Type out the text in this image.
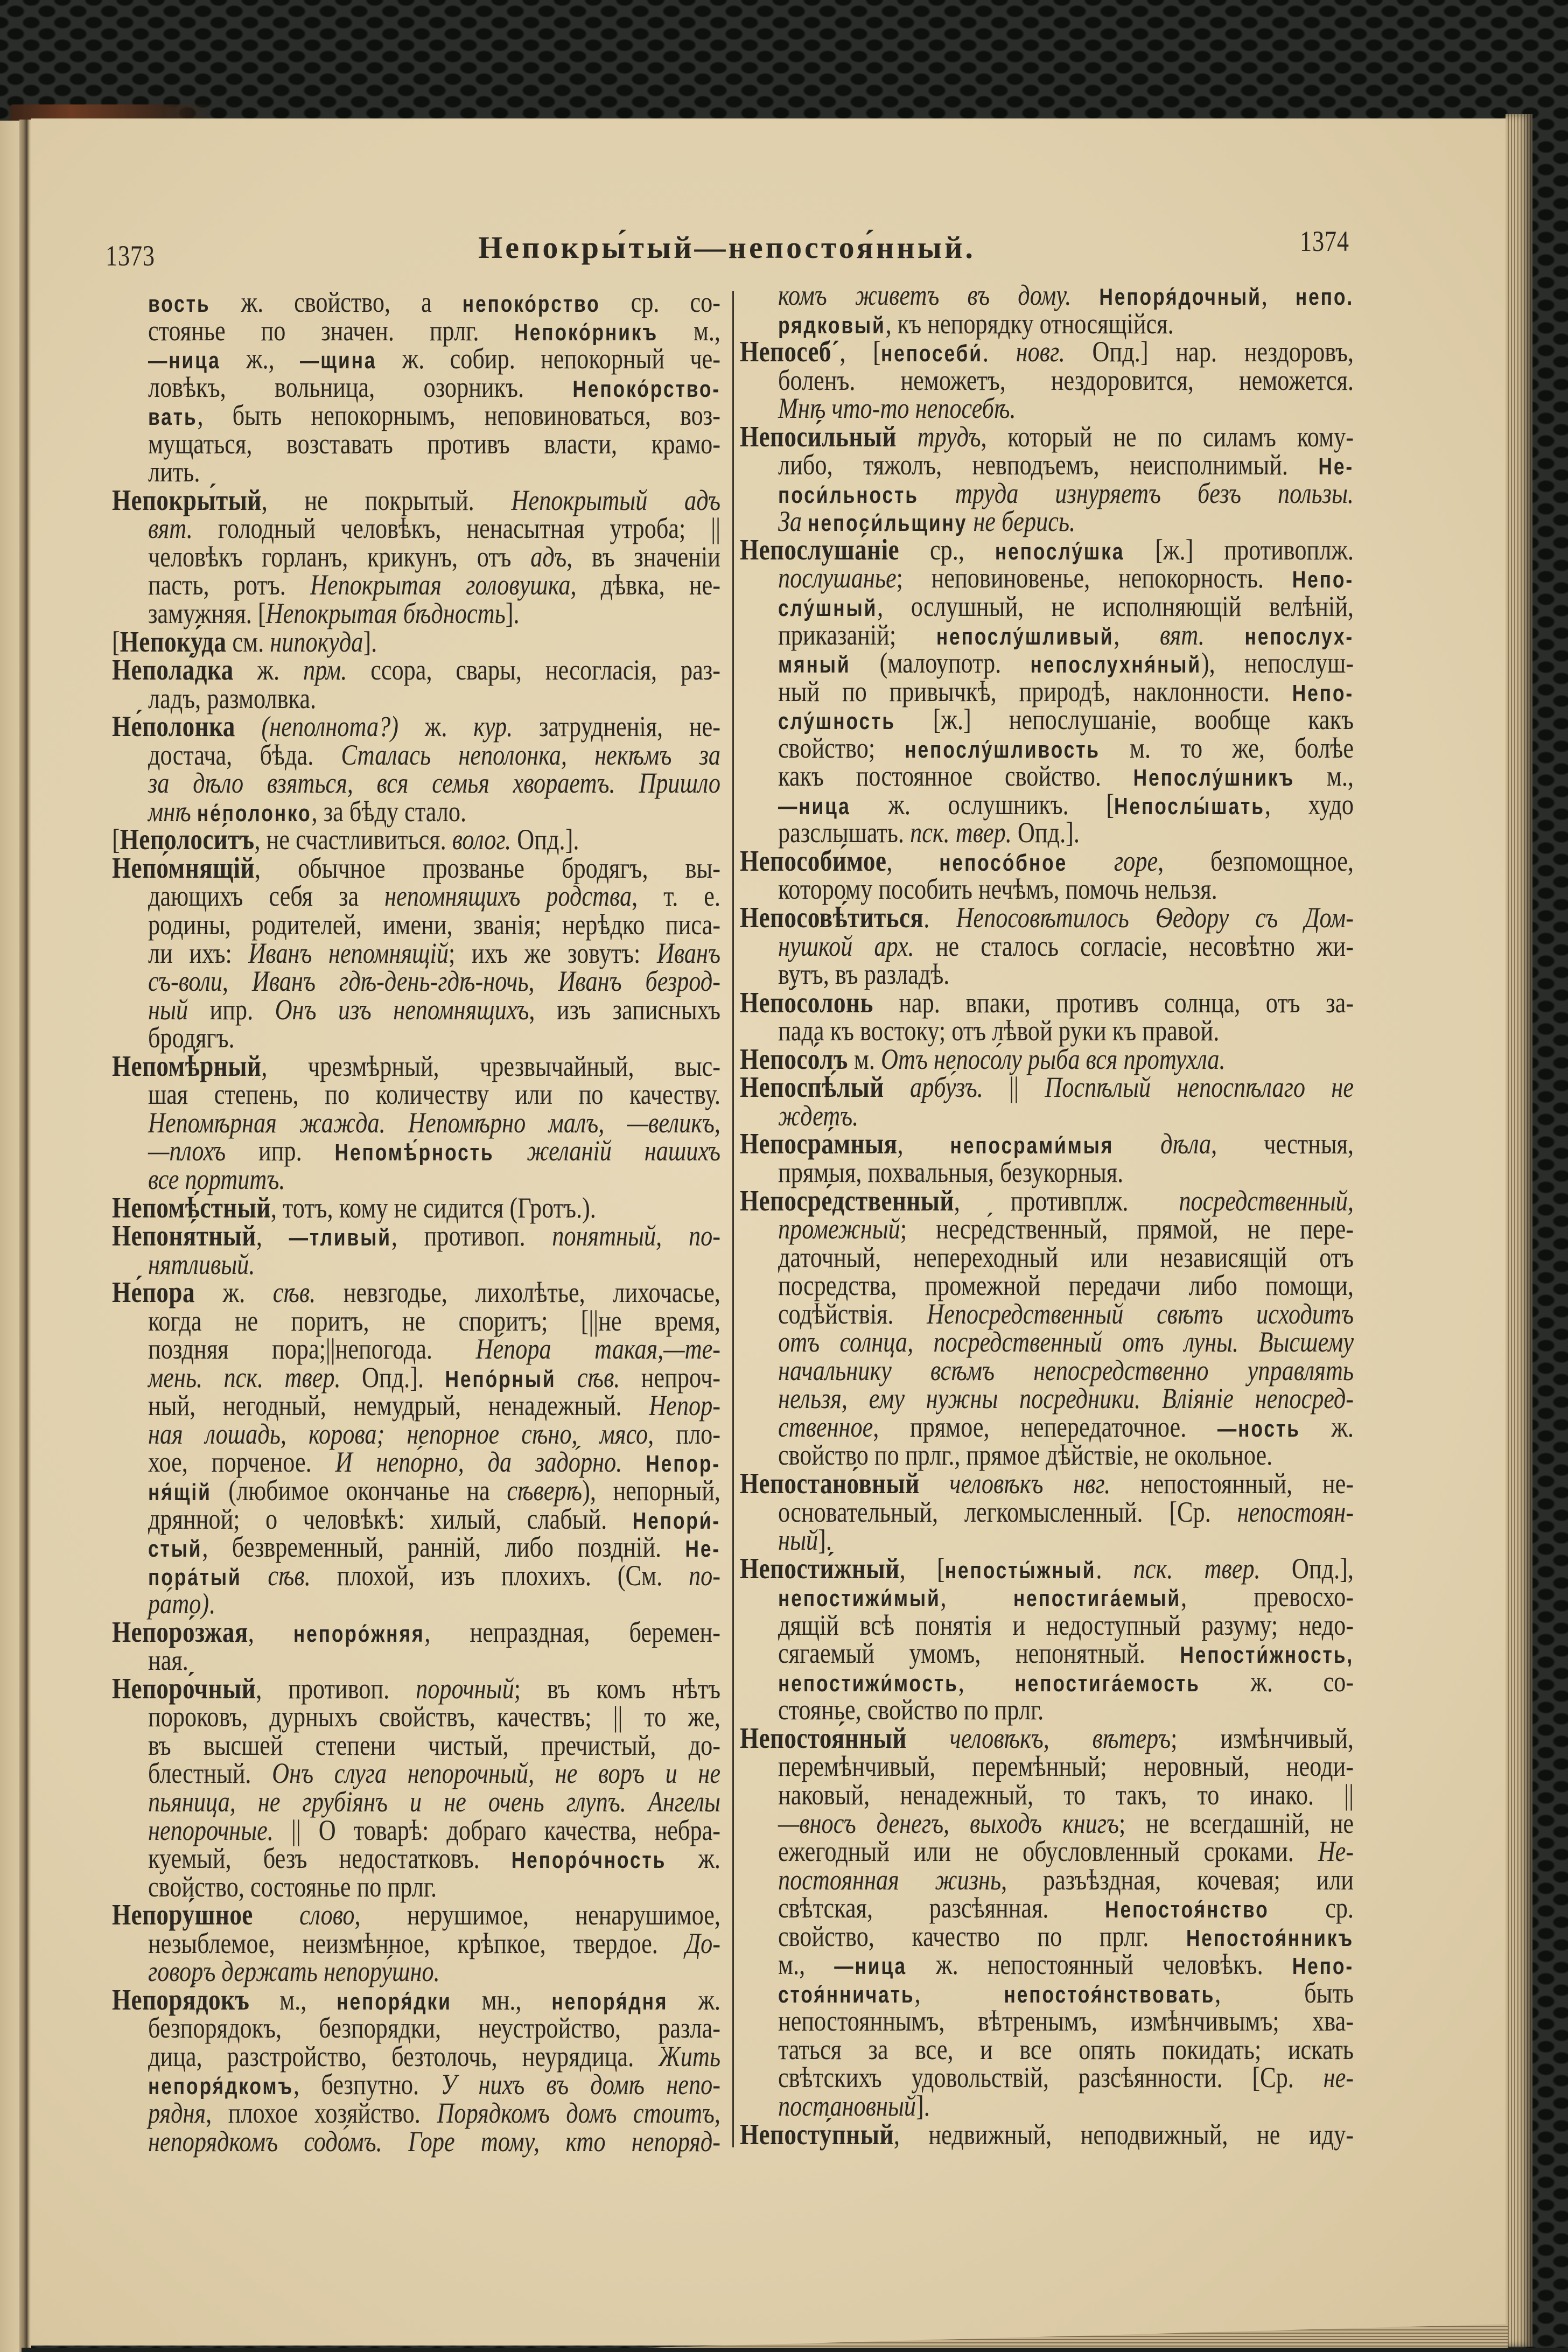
1373	Непокры́тый—непостоя́нный.	1374
вость ж. свойство, а непоко́рство ср. со-
стоянье по значен. прлг. Непоко́рникъ м.,
—ница ж., —щина ж. собир. непокорный че-
ловѣкъ, вольница, озорникъ. Непоко́рство-
вать, быть непокорнымъ, неповиноваться, воз-
мущаться, возставать противъ власти, крамо-
лить.
Непокры́тый, не покрытый. Непокрытый адъ
вят. голодный человѣкъ, ненасытная утроба; ||
человѣкъ горланъ, крикунъ, отъ адъ, въ значеніи
пасть, ротъ. Непокрытая головушка, дѣвка, не-
замужняя. [Непокрытая бѣдность].
[Непоку́да см. нипокуда].
Непола́дка ж. прм. ссора, свары, несогласія, раз-
ладъ, размолвка.
Не́полонка (неполнота?) ж. кур. затрудненія, не-
достача, бѣда. Сталась неполонка, некѣмъ за
за дѣло взяться, вся семья хвораетъ. Пришло
мнѣ не́полонко, за бѣду стало.
[Неполоси́тъ, не счастливиться. волог. Опд.].
Непо́мнящій, обычное прозванье бродягъ, вы-
дающихъ себя за непомнящихъ родства, т. е.
родины, родителей, имени, званія; нерѣдко писа-
ли ихъ: Иванъ непомнящій; ихъ же зовутъ: Иванъ
съ-воли, Иванъ гдѣ-день-гдѣ-ночь, Иванъ безрод-
ный ипр. Онъ изъ непомнящихъ, изъ записныхъ
бродягъ.
Непомѣ́рный, чрезмѣрный, чрезвычайный, выс-
шая степень, по количеству или по качеству.
Непомѣрная жажда. Непомѣрно малъ, —великъ,
—плохъ ипр. Непомѣ́рность желаній нашихъ
все портитъ.
Непомѣ́стный, тотъ, кому не сидится (Гротъ.).
Непоня́тный, —тливый, противоп. понятный, по-
нятливый.
Не́пора ж. сѣв. невзгодье, лихолѣтье, лихочасье,
когда не поритъ, не споритъ; [||не время,
поздняя пора;||непогода. Не́пора такая,—те-
мень. пск. твер. Опд.]. Непо́рный сѣв. непроч-
ный, негодный, немудрый, ненадежный. Непор-
ная лошадь, корова; непорное сѣно, мясо, пло-
хое, порченое. И непо́рно, да задо́рно. Непор-
ня́щій (любимое окончанье на сѣверѣ), непорный,
дрянной; о человѣкѣ: хилый, слабый. Непори́-
стый, безвременный, ранній, либо поздній. Не-
пора́тый сѣв. плохой, изъ плохихъ. (См. по-
ра́то).
Непоро́зжая, непоро́жняя, непраздная, беремен-
ная.
Непоро́чный, противоп. порочный; въ комъ нѣтъ
пороковъ, дурныхъ свойствъ, качествъ; || то же,
въ высшей степени чистый, пречистый, до-
блестный. Онъ слуга непорочный, не воръ и не
пьяница, не грубіянъ и не очень глупъ. Ангелы
непорочные. || О товарѣ: добраго качества, небра-
куемый, безъ недостатковъ. Непоро́чность ж.
свойство, состоянье по прлг.
Непору́шное слово, нерушимое, ненарушимое,
незыблемое, неизмѣнное, крѣпкое, твердое. До-
говоръ держать непору́шно.
Непоря́докъ м., непоря́дки мн., непоря́дня ж.
безпорядокъ, безпорядки, неустройство, разла-
дица, разстройство, безтолочь, неурядица. Жить
непоря́дкомъ, безпутно. У нихъ въ домѣ непо-
рядня, плохое хозяйство. Порядкомъ домъ стоитъ,
непорядкомъ содо́мъ. Горе тому, кто непоряд-
комъ живетъ въ дому. Непоря́дочный, непо.
рядковый, къ непорядку относящійся.
Непосеб´, [непосеби́. новг. Опд.] нар. нездоровъ,
боленъ. неможетъ, нездоровится, неможется.
Мнѣ что-то непосебѣ.
Непоси́льный трудъ, который не по силамъ кому-
либо, тяжолъ, невподъемъ, неисполнимый. Не-
поси́льность труда изнуряетъ безъ пользы.
За непоси́льщину не берись.
Непослуша́ніе ср., непослу́шка [ж.] противоплж.
послушанье; неповиновенье, непокорность. Непо-
слу́шный, ослушный, не исполняющій велѣній,
приказаній; непослу́шливый, вят. непослух-
мяный (малоупотр. непослухня́ный), непослуш-
ный по привычкѣ, природѣ, наклонности. Непо-
слу́шность [ж.] непослушаніе, вообще какъ
свойство; непослу́шливость м. то же, болѣе
какъ постоянное свойство. Непослу́шникъ м.,
—ница ж. ослушникъ. [Непослы́шать, худо
разслышать. пск. твер. Опд.].
Непособи́мое, непосо́бное горе, безпомощное,
которому пособить нечѣмъ, помочь нельзя.
Непосовѣ́титься. Непосовѣтилось Ѳедору съ Дом-
нушкой арх. не сталось согласіе, несовѣтно жи-
вутъ, въ разладѣ.
Непо́солонь нар. впаки, противъ солнца, отъ за-
пада къ востоку; отъ лѣвой руки къ правой.
Непосо́лъ м. Отъ непосо́лу рыба вся протухла.
Непоспѣ́лый арбу́зъ. || Поспѣлый непоспѣлаго не
ждетъ.
Непосра́мныя, непосрами́мыя дѣла, честныя,
прямыя, похвальныя, безукорныя.
Непосре́дственный, противплж. посредственный,
промежный; несре́дственный, прямой, не пере-
даточный, непереходный или независящій отъ
посредства, промежной передачи либо помощи,
содѣйствія. Непосредственный свѣтъ исходитъ
отъ солнца, посредственный отъ луны. Высшему
начальнику всѣмъ непосредственно управлять
нельзя, ему нужны посредники. Вліяніе непосред-
ственное, прямое, непередаточное. —ность ж.
свойство по прлг., прямое дѣйствіе, не окольное.
Непостано́вный человѣкъ нвг. непостоянный, не-
основательный, легкомысленный. [Ср. непостоян-
ный].
Непости́жный, [непосты́жный. пск. твер. Опд.],
непостижи́мый, непостига́емый, превосхо-
дящій всѣ понятія и недоступный разуму; недо-
сягаемый умомъ, непонятный. Непости́жность,
непостижи́мость, непостига́емость ж. со-
стоянье, свойство по прлг.
Непостоя́нный человѣкъ, вѣтеръ; измѣнчивый,
перемѣнчивый, перемѣнный; неровный, неоди-
наковый, ненадежный, то такъ, то инако. ||
—вносъ денегъ, выходъ книгъ; не всегдашній, не
ежегодный или не обусловленный сроками. Не-
постоянная жизнь, разъѣздная, кочевая; или
свѣтская, разсѣянная. Непостоя́нство ср.
свойство, качество по прлг. Непостоя́нникъ
м., —ница ж. непостоянный человѣкъ. Непо-
стоя́нничать, непостоя́нствовать, быть
непостояннымъ, вѣтренымъ, измѣнчивымъ; хва-
таться за все, и все опять покидать; искать
свѣтскихъ удовольствій, разсѣянности. [Ср. не-
постановный].
Непосту́пный, недвижный, неподвижный, не иду-
